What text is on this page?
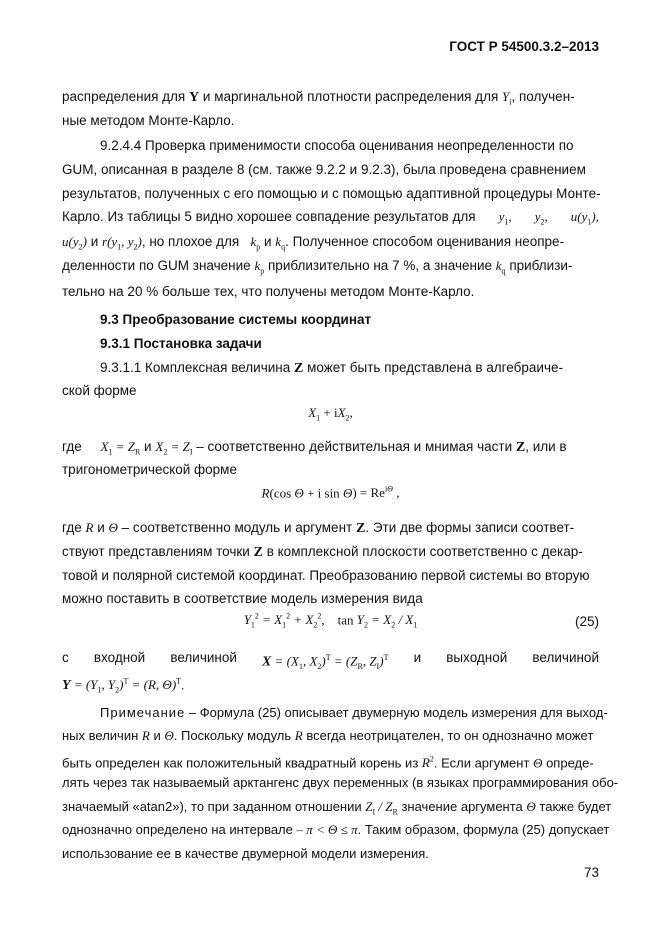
ГОСТ Р 54500.3.2–2013
распределения для Y и маргинальной плотности распределения для $Y_i$, получен-
ные методом Монте-Карло.
9.2.4.4 Проверка применимости способа оценивания неопределенности по
GUM, описанная в разделе 8 (см. также 9.2.2 и 9.2.3), была проведена сравнением
результатов, полученных с его помощью и с помощью адаптивной процедуры Монте-
Карло. Из таблицы 5 видно хорошее совпадение результатов для $y_1$, $y_2$, $u(y_1)$,
$u(y_2)$ и $r(y_1$, $y_2$), но плохое для $k_p$ и $k_q$. Полученное способом оценивания неопре-
деленности по GUM значение $k_p$ приблизительно на 7 %, а значение $k_q$ приблизи-
тельно на 20 % больше тех, что получены методом Монте-Карло.
9.3 Преобразование системы координат
9.3.1 Постановка задачи
9.3.1.1 Комплексная величина Z может быть представлена в алгебраиче-
ской форме
$X_1 + iX_2$,
где $X_1 = Z_R$ и $X_2 = Z_I$ – соответственно действительная и мнимая части Z, или в
тригонометрической форме
R(cos Θ + i $\sin \Theta) = Re^{i\Theta}$ ,
где R и Θ – соответственно модуль и аргумент Z. Эти две формы записи соответ-
ствуют представлениям точки Z в комплексной плоскости соответственно с декар-
товой и полярной системой координат. Преобразованию первой системы во вторую
можно поставить в соответствие модель измерения вида
$Y_1^2 = X_1^2 + X_2^2$,    $\tan Y_2 = X_2 / X_1$	(25)
с входной величиной $X = (X_1$, $X_2)^T = (Z_R$, $Z_I)^T$ и выходной величиной
$Y = (Y_1$, $Y_2)^T = (R$, Θ)$^T$.
Примечание – Формула (25) описывает двумерную модель измерения для выход-
ных величин R и Θ. Поскольку модуль R всегда неотрицателен, то он однозначно может
быть определен как положительный квадратный корень из $R^2$. Если аргумент Θ опреде-
лять через так называемый арктангенс двух переменных (в языках программирования обо-
значаемый «atan2»), то при заданном отношении $Z_I / Z_R$ значение аргумента Θ также будет
однозначно определено на интервале – π < Θ ≤ π. Таким образом, формула (25) допускает
использование ее в качестве двумерной модели измерения.
73
